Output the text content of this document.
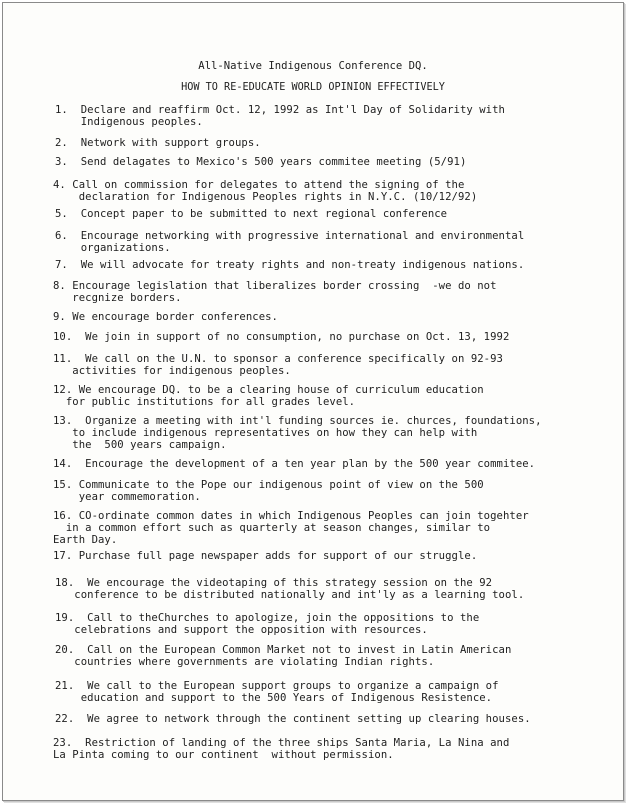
All-Native Indigenous Conference DQ.
HOW TO RE-EDUCATE WORLD OPINION EFFECTIVELY
1.  Declare and reaffirm Oct. 12, 1992 as Int'l Day of Solidarity with
Indigenous peoples.
2.  Network with support groups.
3.  Send delagates to Mexico's 500 years commitee meeting (5/91)
4. Call on commission for delegates to attend the signing of the
declaration for Indigenous Peoples rights in N.Y.C. (10/12/92)
5.  Concept paper to be submitted to next regional conference
6.  Encourage networking with progressive international and environmental
organizations.
7.  We will advocate for treaty rights and non-treaty indigenous nations.
8. Encourage legislation that liberalizes border crossing  -we do not
recgnize borders.
9. We encourage border conferences.
10.  We join in support of no consumption, no purchase on Oct. 13, 1992
11.  We call on the U.N. to sponsor a conference specifically on 92-93
activities for indigenous peoples.
12. We encourage DQ. to be a clearing house of curriculum education
for public institutions for all grades level.
13.  Organize a meeting with int'l funding sources ie. churces, foundations,
to include indigenous representatives on how they can help with
the  500 years campaign.
14.  Encourage the development of a ten year plan by the 500 year commitee.
15. Communicate to the Pope our indigenous point of view on the 500
year commemoration.
16. CO-ordinate common dates in which Indigenous Peoples can join togehter
in a common effort such as quarterly at season changes, similar to
Earth Day.
17. Purchase full page newspaper adds for support of our struggle.
18.  We encourage the videotaping of this strategy session on the 92
conference to be distributed nationally and int'ly as a learning tool.
19.  Call to theChurches to apologize, join the oppositions to the
celebrations and support the opposition with resources.
20.  Call on the European Common Market not to invest in Latin American
countries where governments are violating Indian rights.
21.  We call to the European support groups to organize a campaign of
education and support to the 500 Years of Indigenous Resistence.
22.  We agree to network through the continent setting up clearing houses.
23.  Restriction of landing of the three ships Santa Maria, La Nina and
La Pinta coming to our continent  without permission.
